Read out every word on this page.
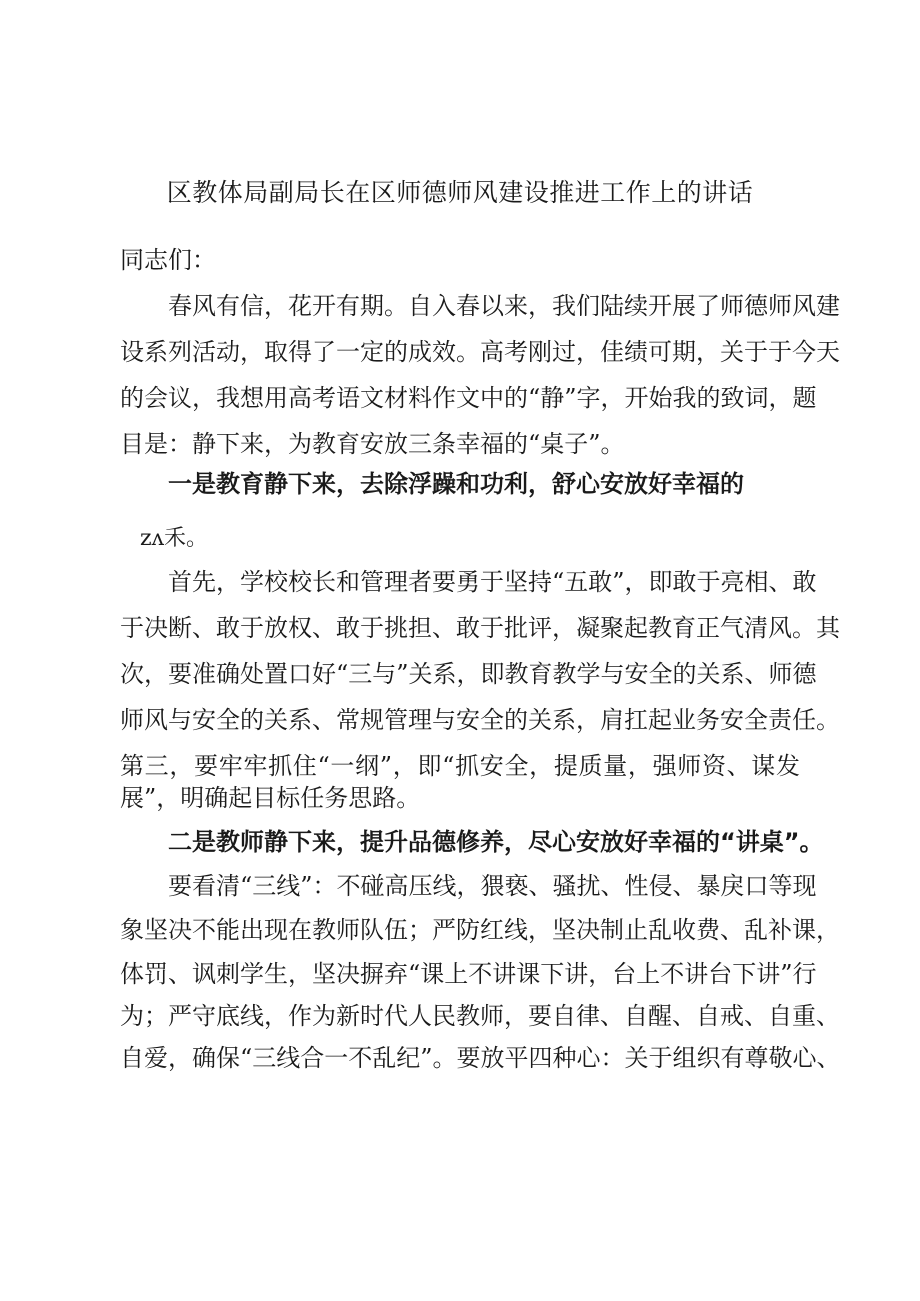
区教体局副局长在区师德师风建设推进工作上的讲话

同志们：

春风有信，花开有期。自入春以来，我们陆续开展了师德师风建

设系列活动，取得了一定的成效。高考刚过，佳绩可期，关于于今天

的会议，我想用高考语文材料作文中的“静”字，开始我的致词，题

目是：静下来，为教育安放三条幸福的“桌子”。

一是教育静下来，去除浮躁和功利，舒心安放好幸福的

zʌ禾。

首先，学校校长和管理者要勇于坚持“五敢”，即敢于亮相、敢

于决断、敢于放权、敢于挑担、敢于批评，凝聚起教育正气清风。其

次，要准确处置口好“三与”关系，即教育教学与安全的关系、师德

师风与安全的关系、常规管理与安全的关系，肩扛起业务安全责任。

第三，要牢牢抓住“一纲”，即“抓安全，提质量，强师资、谋发

展”，明确起目标任务思路。

二是教师静下来，提升品德修养，尽心安放好幸福的“讲桌”。

要看清“三线”：不碰高压线，猥亵、骚扰、性侵、暴戾口等现

象坚决不能出现在教师队伍；严防红线，坚决制止乱收费、乱补课，

体罚、讽刺学生，坚决摒弃“课上不讲课下讲，台上不讲台下讲”行

为；严守底线，作为新时代人民教师，要自律、自醒、自戒、自重、

自爱，确保“三线合一不乱纪”。要放平四种心：关于组织有尊敬心、
